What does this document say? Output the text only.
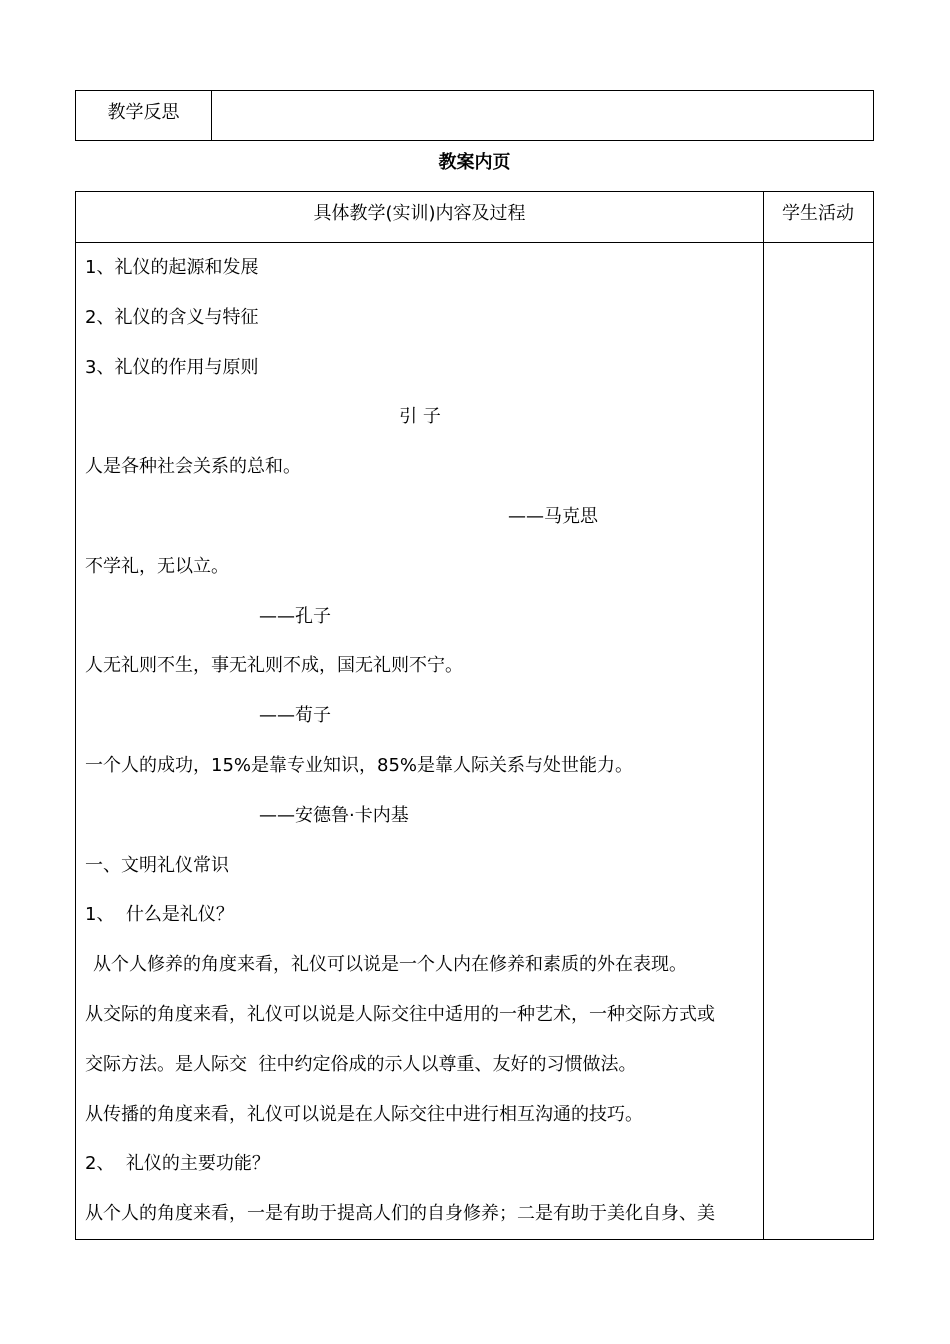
教学反思
教案内页
具体教学(实训)内容及过程	学生活动
1、礼仪的起源和发展
2、礼仪的含义与特征
3、礼仪的作用与原则
引 子
人是各种社会关系的总和。
——马克思
不学礼，无以立。
——孔子
人无礼则不生，事无礼则不成，国无礼则不宁。
——荀子
一个人的成功，15%是靠专业知识，85%是靠人际关系与处世能力。
——安德鲁·卡内基
一、文明礼仪常识
1、  什么是礼仪？
从个人修养的角度来看，礼仪可以说是一个人内在修养和素质的外在表现。
从交际的角度来看，礼仪可以说是人际交往中适用的一种艺术，一种交际方式或
交际方法。是人际交  往中约定俗成的示人以尊重、友好的习惯做法。
从传播的角度来看，礼仪可以说是在人际交往中进行相互沟通的技巧。
2、  礼仪的主要功能？
从个人的角度来看，一是有助于提高人们的自身修养；二是有助于美化自身、美
